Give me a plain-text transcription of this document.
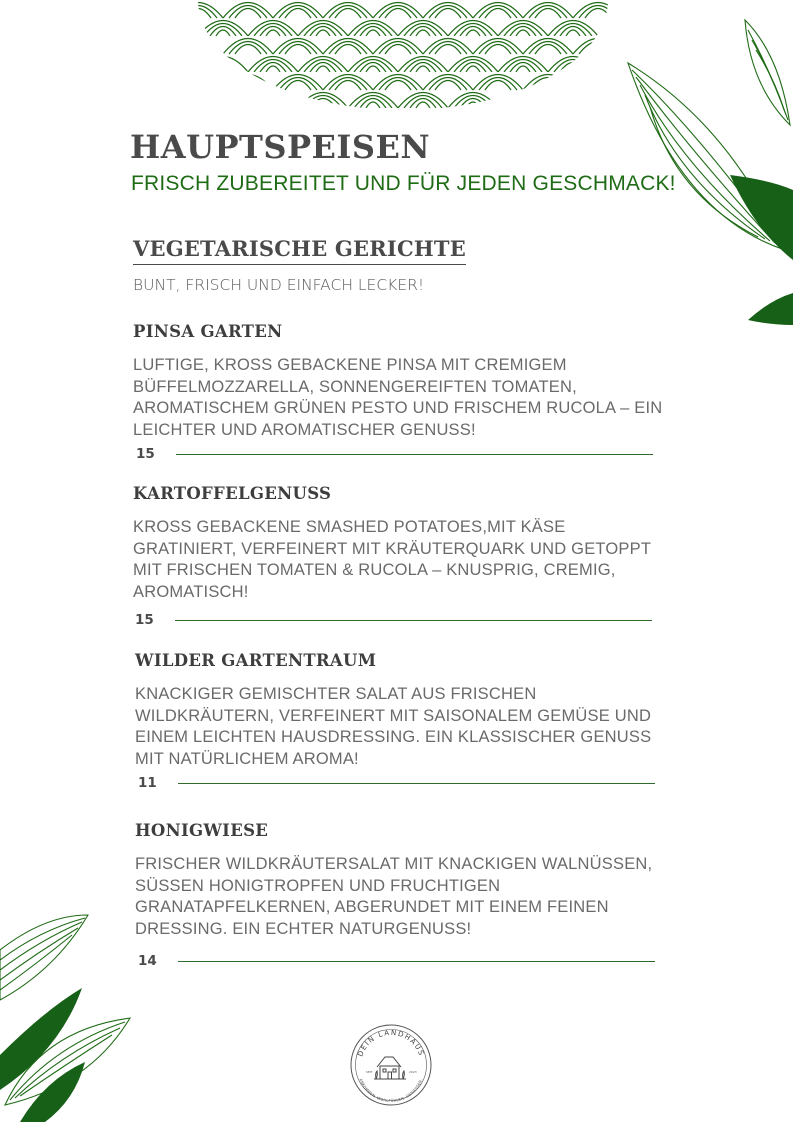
HAUPTSPEISEN
FRISCH ZUBEREITET UND FÜR JEDEN GESCHMACK!
VEGETARISCHE GERICHTE
BUNT, FRISCH UND EINFACH LECKER!
PINSA GARTEN

LUFTIGE, KROSS GEBACKENE PINSA MIT CREMIGEM BÜFFELMOZZARELLA, SONNENGEREIFTEN TOMATEN, AROMATISCHEM GRÜNEN PESTO UND FRISCHEM RUCOLA – EIN LEICHTER UND AROMATISCHER GENUSS!

15
KARTOFFELGENUSS

KROSS GEBACKENE SMASHED POTATOES,MIT KÄSE GRATINIERT, VERFEINERT MIT KRÄUTERQUARK UND GETOPPT MIT FRISCHEN TOMATEN & RUCOLA – KNUSPRIG, CREMIG, AROMATISCH!

15
WILDER GARTENTRAUM

KNACKIGER GEMISCHTER SALAT AUS FRISCHEN WILDKRÄUTERN, VERFEINERT MIT SAISONALEM GEMÜSE UND EINEM LEICHTEN HAUSDRESSING. EIN KLASSISCHER GENUSS MIT NATÜRLICHEM AROMA!

11
HONIGWIESE

FRISCHER WILDKRÄUTERSALAT MIT KNACKIGEN WALNÜSSEN, SÜSSEN HONIGTROPFEN UND FRUCHTIGEN GRANATAPFELKERNEN, ABGERUNDET MIT EINEM FEINEN DRESSING. EIN ECHTER NATURGENUSS!

14
DEIN LANDHAUS
ANKOMMEN. WOHLFÜHLEN. GENIESSEN.
SEIT	2023
